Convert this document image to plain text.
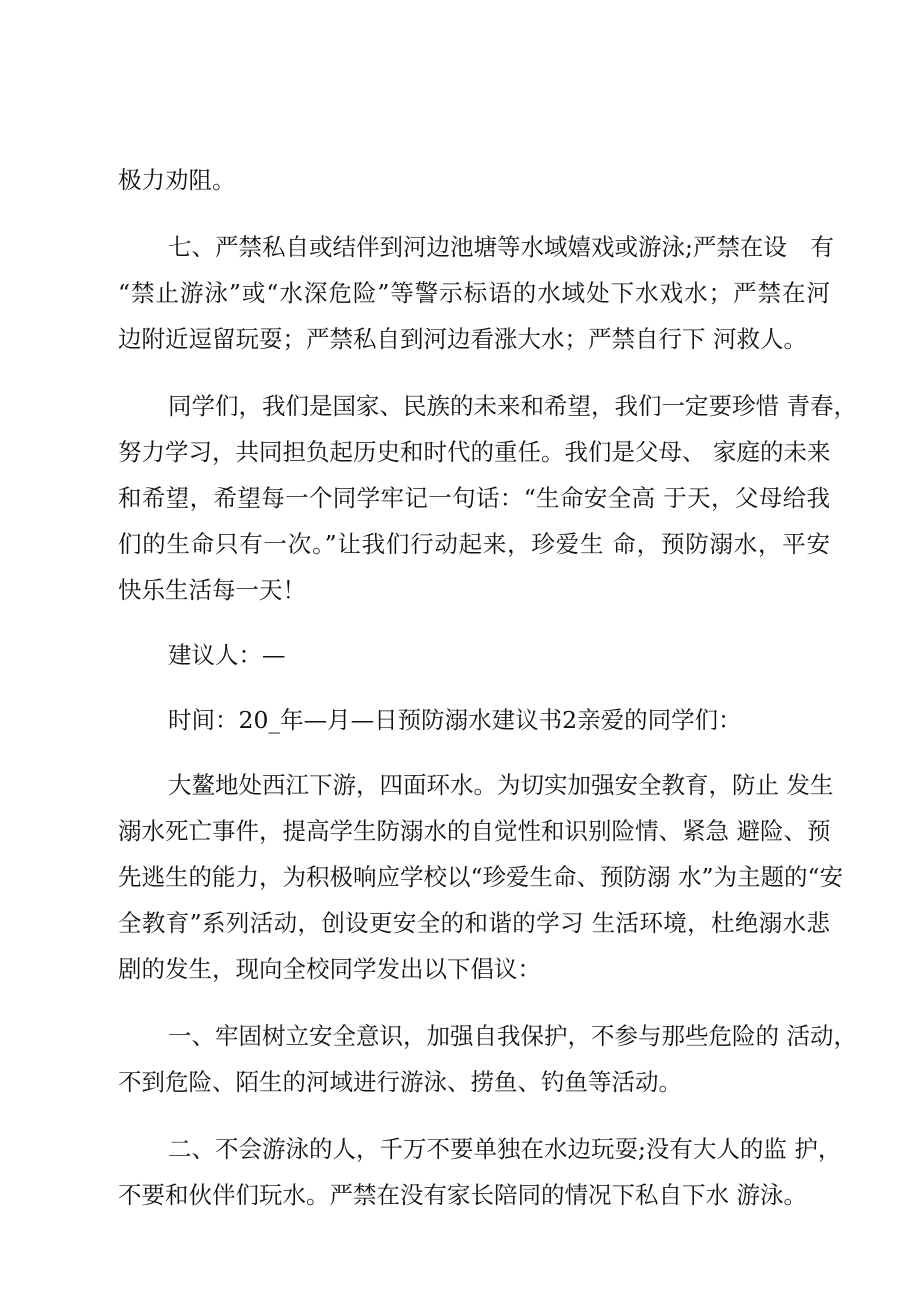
极力劝阻。
七、严禁私自或结伴到河边池塘等水域嬉戏或游泳;严禁在设　有
“禁止游泳”或“水深危险”等警示标语的水域处下水戏水；严禁在河
边附近逗留玩耍；严禁私自到河边看涨大水；严禁自行下 河救人。
同学们，我们是国家、民族的未来和希望，我们一定要珍惜 青春，
努力学习，共同担负起历史和时代的重任。我们是父母、 家庭的未来
和希望，希望每一个同学牢记一句话：“生命安全高 于天，父母给我
们的生命只有一次。”让我们行动起来，珍爱生 命，预防溺水，平安
快乐生活每一天！
建议人：—
时间：20_年—月—日预防溺水建议书2亲爱的同学们：
大鳌地处西江下游，四面环水。为切实加强安全教育，防止 发生
溺水死亡事件，提高学生防溺水的自觉性和识别险情、紧急 避险、预
先逃生的能力，为积极响应学校以“珍爱生命、预防溺 水”为主题的“安
全教育”系列活动，创设更安全的和谐的学习 生活环境，杜绝溺水悲
剧的发生，现向全校同学发出以下倡议：
一、牢固树立安全意识，加强自我保护，不参与那些危险的 活动，
不到危险、陌生的河域进行游泳、捞鱼、钓鱼等活动。
二、不会游泳的人，千万不要单独在水边玩耍;没有大人的监 护，
不要和伙伴们玩水。严禁在没有家长陪同的情况下私自下水 游泳。
